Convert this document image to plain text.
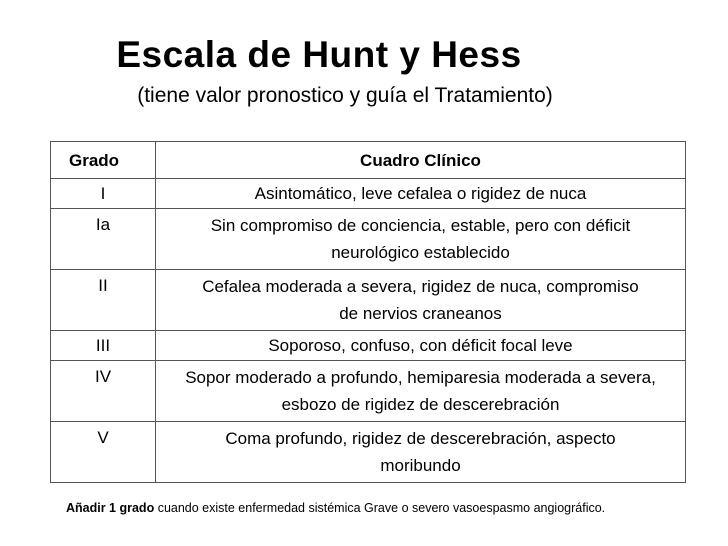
Escala de Hunt y Hess
(tiene valor pronostico y guía el Tratamiento)
Grado	Cuadro Clínico
I	Asintomático, leve cefalea o rigidez de nuca
Ia	Sin compromiso de conciencia, estable, pero con déficit neurológico establecido
II	Cefalea moderada a severa, rigidez de nuca, compromiso de nervios craneanos
III	Soporoso, confuso, con déficit focal leve
IV	Sopor moderado a profundo, hemiparesia moderada a severa, esbozo de rigidez de descerebración
V	Coma profundo, rigidez de descerebración, aspecto moribundo
Añadir 1 grado cuando existe enfermedad sistémica Grave o severo vasoespasmo angiográfico.
